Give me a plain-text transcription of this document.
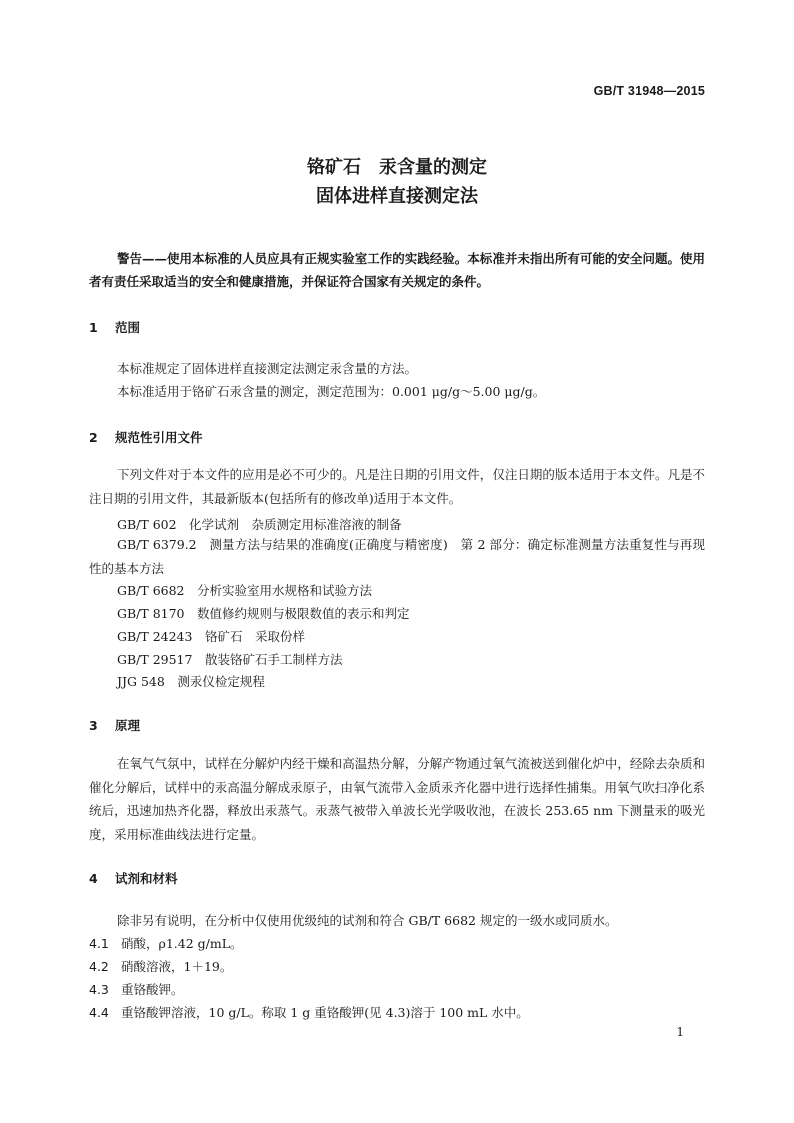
GB/T 31948—2015
铬矿石　汞含量的测定
固体进样直接测定法
警告——使用本标准的人员应具有正规实验室工作的实践经验。本标准并未指出所有可能的安全问题。使用者有责任采取适当的安全和健康措施，并保证符合国家有关规定的条件。
1 范围
本标准规定了固体进样直接测定法测定汞含量的方法。
本标准适用于铬矿石汞含量的测定，测定范围为：0.001 μg/g～5.00 μg/g。
2 规范性引用文件
下列文件对于本文件的应用是必不可少的。凡是注日期的引用文件，仅注日期的版本适用于本文件。凡是不注日期的引用文件，其最新版本(包括所有的修改单)适用于本文件。
GB/T 602　化学试剂　杂质测定用标准溶液的制备
GB/T 6379.2　测量方法与结果的准确度(正确度与精密度)　第 2 部分：确定标准测量方法重复性与再现性的基本方法
GB/T 6682　分析实验室用水规格和试验方法
GB/T 8170　数值修约规则与极限数值的表示和判定
GB/T 24243　铬矿石　采取份样
GB/T 29517　散装铬矿石手工制样方法
JJG 548　测汞仪检定规程
3 原理
在氧气气氛中，试样在分解炉内经干燥和高温热分解，分解产物通过氧气流被送到催化炉中，经除去杂质和催化分解后，试样中的汞高温分解成汞原子，由氧气流带入金质汞齐化器中进行选择性捕集。用氧气吹扫净化系统后，迅速加热齐化器，释放出汞蒸气。汞蒸气被带入单波长光学吸收池，在波长 253.65 nm 下测量汞的吸光度，采用标准曲线法进行定量。
4 试剂和材料
除非另有说明，在分析中仅使用优级纯的试剂和符合 GB/T 6682 规定的一级水或同质水。
4.1 硝酸，ρ1.42 g/mL。
4.2 硝酸溶液，1＋19。
4.3 重铬酸钾。
4.4 重铬酸钾溶液，10 g/L。称取 1 g 重铬酸钾(见 4.3)溶于 100 mL 水中。
1
